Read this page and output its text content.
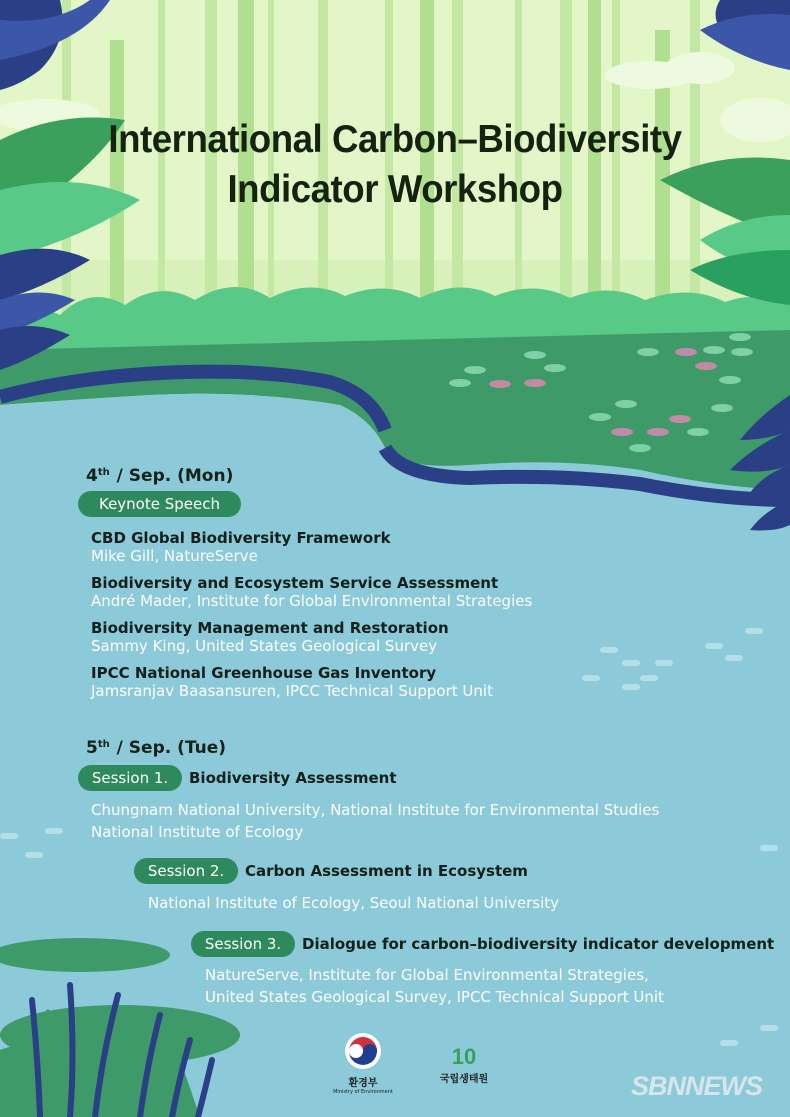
International Carbon–Biodiversity
Indicator Workshop
4th / Sep. (Mon)
Keynote Speech
CBD Global Biodiversity Framework
Mike Gill, NatureServe
Biodiversity and Ecosystem Service Assessment
André Mader, Institute for Global Environmental Strategies
Biodiversity Management and Restoration
Sammy King, United States Geological Survey
IPCC National Greenhouse Gas Inventory
Jamsranjav Baasansuren, IPCC Technical Support Unit
5th / Sep. (Tue)
Session 1.	Biodiversity Assessment
Chungnam National University, National Institute for Environmental Studies
National Institute of Ecology
Session 2.	Carbon Assessment in Ecosystem
National Institute of Ecology, Seoul National University
Session 3.	Dialogue for carbon–biodiversity indicator development
NatureServe, Institute for Global Environmental Strategies,
United States Geological Survey, IPCC Technical Support Unit
환경부
Ministry of Environment
10
국립생태원	SBNNEWS
